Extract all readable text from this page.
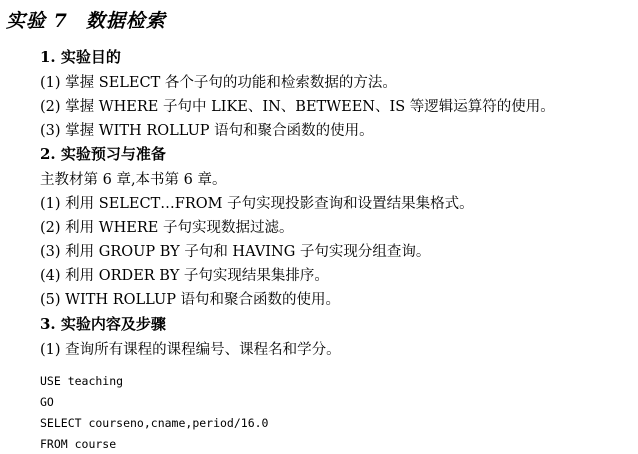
实验 7 数据检索
1. 实验目的
(1) 掌握 SELECT 各个子句的功能和检索数据的方法。
(2) 掌握 WHERE 子句中 LIKE、IN、BETWEEN、IS 等逻辑运算符的使用。
(3) 掌握 WITH ROLLUP 语句和聚合函数的使用。
2. 实验预习与准备
主教材第 6 章,本书第 6 章。
(1) 利用 SELECT…FROM 子句实现投影查询和设置结果集格式。
(2) 利用 WHERE 子句实现数据过滤。
(3) 利用 GROUP BY 子句和 HAVING 子句实现分组查询。
(4) 利用 ORDER BY 子句实现结果集排序。
(5) WITH ROLLUP 语句和聚合函数的使用。
3. 实验内容及步骤
(1) 查询所有课程的课程编号、课程名和学分。
USE teaching
GO
SELECT courseno,cname,period/16.0
FROM course
